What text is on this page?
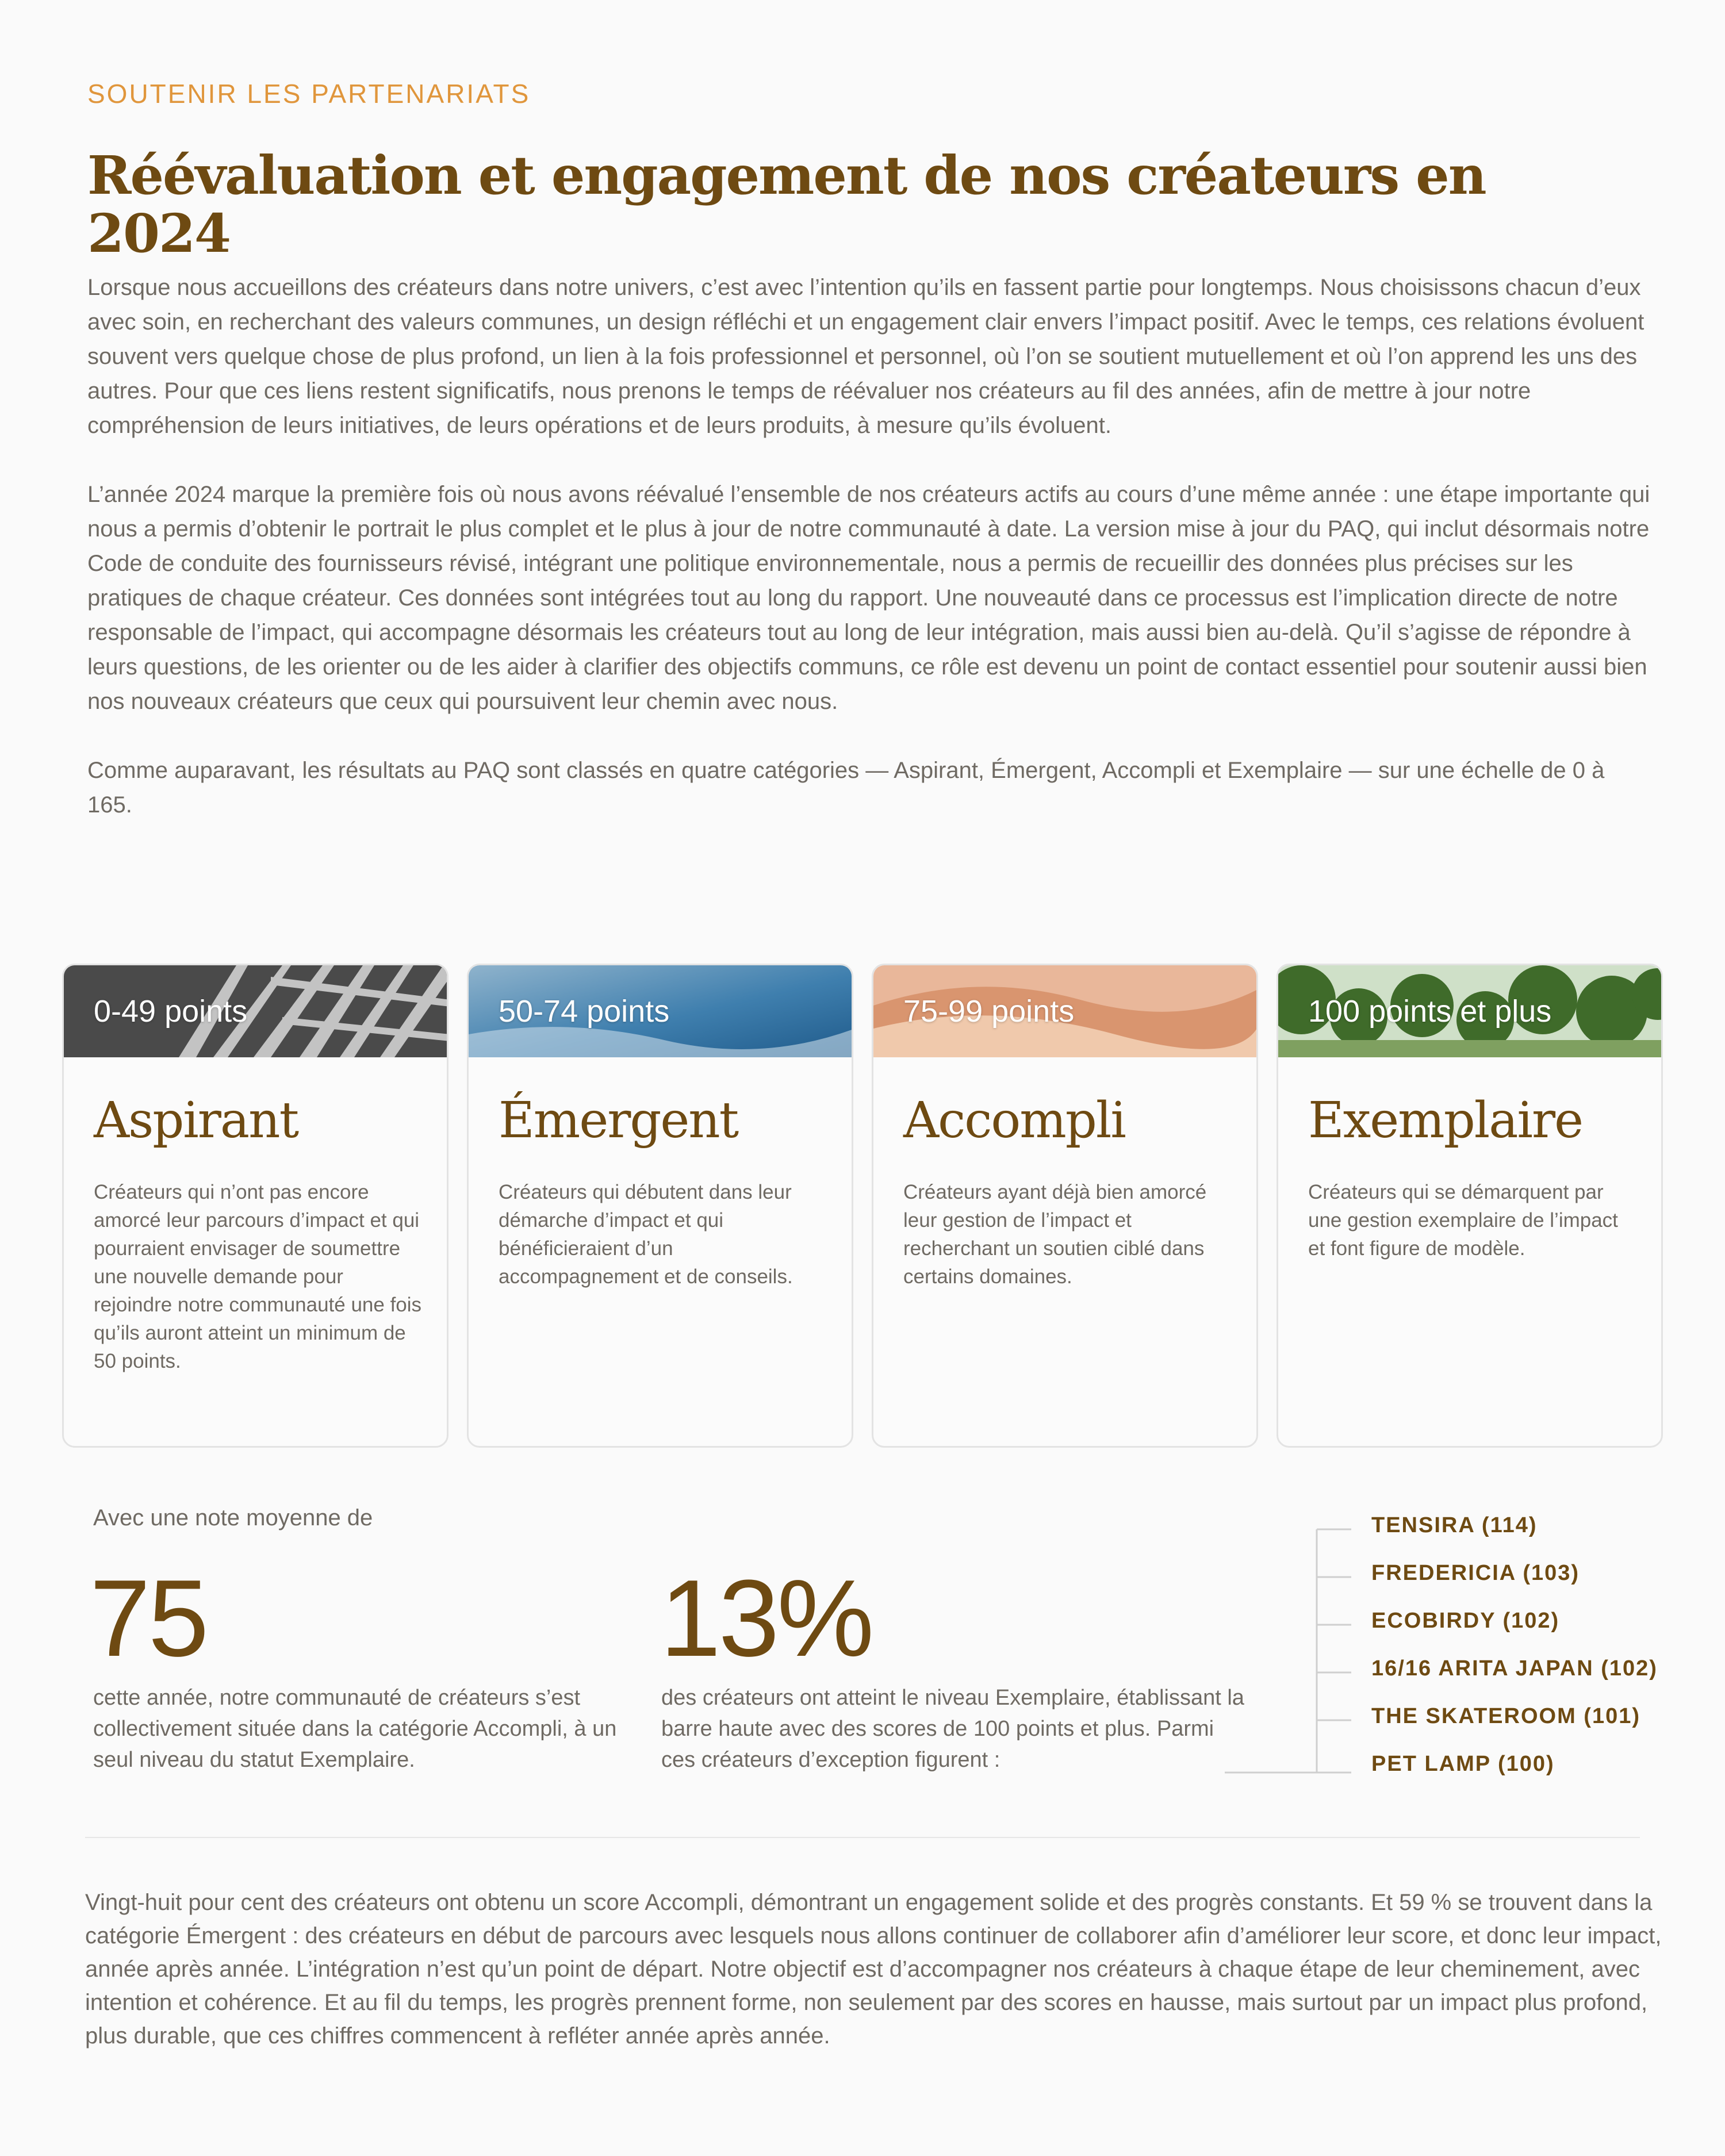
SOUTENIR LES PARTENARIATS
Réévaluation et engagement de nos créateurs en 2024

Lorsque nous accueillons des créateurs dans notre univers, c’est avec l’intention qu’ils en fassent partie pour longtemps. Nous choisissons chacun d’eux avec soin, en recherchant des valeurs communes, un design réfléchi et un engagement clair envers l’impact positif. Avec le temps, ces relations évoluent souvent vers quelque chose de plus profond, un lien à la fois professionnel et personnel, où l’on se soutient mutuellement et où l’on apprend les uns des autres. Pour que ces liens restent significatifs, nous prenons le temps de réévaluer nos créateurs au fil des années, afin de mettre à jour notre compréhension de leurs initiatives, de leurs opérations et de leurs produits, à mesure qu’ils évoluent.

L’année 2024 marque la première fois où nous avons réévalué l’ensemble de nos créateurs actifs au cours d’une même année : une étape importante qui nous a permis d’obtenir le portrait le plus complet et le plus à jour de notre communauté à date. La version mise à jour du PAQ, qui inclut désormais notre Code de conduite des fournisseurs révisé, intégrant une politique environnementale, nous a permis de recueillir des données plus précises sur les pratiques de chaque créateur. Ces données sont intégrées tout au long du rapport. Une nouveauté dans ce processus est l’implication directe de notre responsable de l’impact, qui accompagne désormais les créateurs tout au long de leur intégration, mais aussi bien au-delà. Qu’il s’agisse de répondre à leurs questions, de les orienter ou de les aider à clarifier des objectifs communs, ce rôle est devenu un point de contact essentiel pour soutenir aussi bien nos nouveaux créateurs que ceux qui poursuivent leur chemin avec nous.

Comme auparavant, les résultats au PAQ sont classés en quatre catégories — Aspirant, Émergent, Accompli et Exemplaire — sur une échelle de 0 à 165.

0-49 points
Aspirant
Créateurs qui n’ont pas encore amorcé leur parcours d’impact et qui pourraient envisager de soumettre une nouvelle demande pour rejoindre notre communauté une fois qu’ils auront atteint un minimum de 50 points.
50-74 points
Émergent
Créateurs qui débutent dans leur démarche d’impact et qui bénéficieraient d’un accompagnement et de conseils.
75-99 points
Accompli
Créateurs ayant déjà bien amorcé leur gestion de l’impact et recherchant un soutien ciblé dans certains domaines.
100 points et plus
Exemplaire
Créateurs qui se démarquent par une gestion exemplaire de l’impact et font figure de modèle.
Avec une note moyenne de
75
cette année, notre communauté de créateurs s’est collectivement située dans la catégorie Accompli, à un seul niveau du statut Exemplaire.
13%
des créateurs ont atteint le niveau Exemplaire, établissant la barre haute avec des scores de 100 points et plus. Parmi ces créateurs d’exception figurent :
TENSIRA (114)
FREDERICIA (103)
ECOBIRDY (102)
16/16 ARITA JAPAN (102)
THE SKATEROOM (101)
PET LAMP (100)

Vingt-huit pour cent des créateurs ont obtenu un score Accompli, démontrant un engagement solide et des progrès constants. Et 59 % se trouvent dans la catégorie Émergent : des créateurs en début de parcours avec lesquels nous allons continuer de collaborer afin d’améliorer leur score, et donc leur impact, année après année. L’intégration n’est qu’un point de départ. Notre objectif est d’accompagner nos créateurs à chaque étape de leur cheminement, avec intention et cohérence. Et au fil du temps, les progrès prennent forme, non seulement par des scores en hausse, mais surtout par un impact plus profond, plus durable, que ces chiffres commencent à refléter année après année.
